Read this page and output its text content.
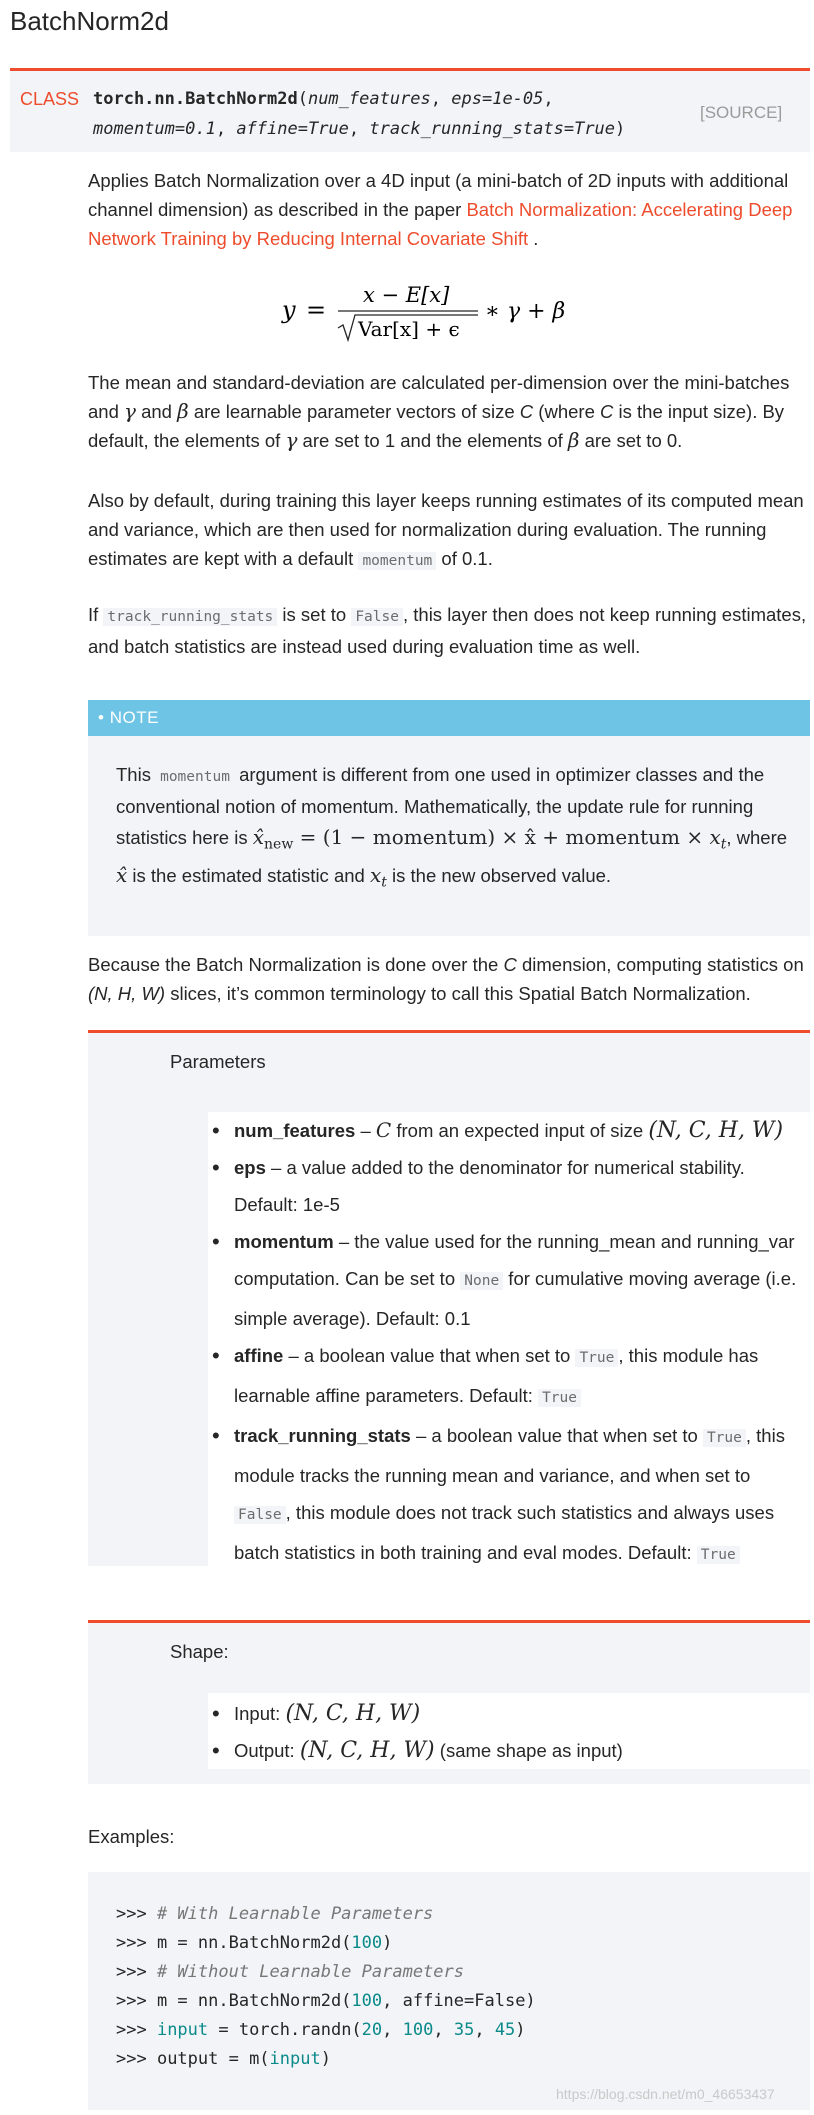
BatchNorm2d
CLASS torch.nn.BatchNorm2d(num_features, eps=1e-05,
momentum=0.1, affine=True, track_running_stats=True)
[SOURCE]

Applies Batch Normalization over a 4D input (a mini-batch of 2D inputs with additional channel dimension) as described in the paper Batch Normalization: Accelerating Deep Network Training by Reducing Internal Covariate Shift .

y =
x − E[x]
Var[x] + ϵ
∗ γ + β

The mean and standard-deviation are calculated per-dimension over the mini-batches and γ and β are learnable parameter vectors of size C (where C is the input size). By default, the elements of γ are set to 1 and the elements of β are set to 0.

Also by default, during training this layer keeps running estimates of its computed mean and variance, which are then used for normalization during evaluation. The running estimates are kept with a default momentum of 0.1.

If track_running_stats is set to False , this layer then does not keep running estimates, and batch statistics are instead used during evaluation time as well.

• NOTE
This momentum argument is different from one used in optimizer classes and the conventional notion of momentum. Mathematically, the update rule for running statistics here is $x̂_{new} = (1$ − momentum) × x̂ + momentum × $x_t$, where x̂ is the estimated statistic and $x_t$ is the new observed value.

Because the Batch Normalization is done over the C dimension, computing statistics on (N, H, W) slices, it’s common terminology to call this Spatial Batch Normalization.

Parameters
• num_features – C from an expected input of size (N, C, H, W)
• eps – a value added to the denominator for numerical stability. Default: 1e-5
• momentum – the value used for the running_mean and running_var computation. Can be set to None for cumulative moving average (i.e. simple average). Default: 0.1
• affine – a boolean value that when set to True , this module has learnable affine parameters. Default: True
• track_running_stats – a boolean value that when set to True , this module tracks the running mean and variance, and when set to False , this module does not track such statistics and always uses batch statistics in both training and eval modes. Default: True
Shape:
• Input: (N, C, H, W)
• Output: (N, C, H, W) (same shape as input)
Examples:
>>> # With Learnable Parameters
>>> m = nn.BatchNorm2d(100)
>>> # Without Learnable Parameters
>>> m = nn.BatchNorm2d(100, affine=False)
>>> input = torch.randn(20, 100, 35, 45)
>>> output = m(input)
https://blog.csdn.net/m0_46653437
